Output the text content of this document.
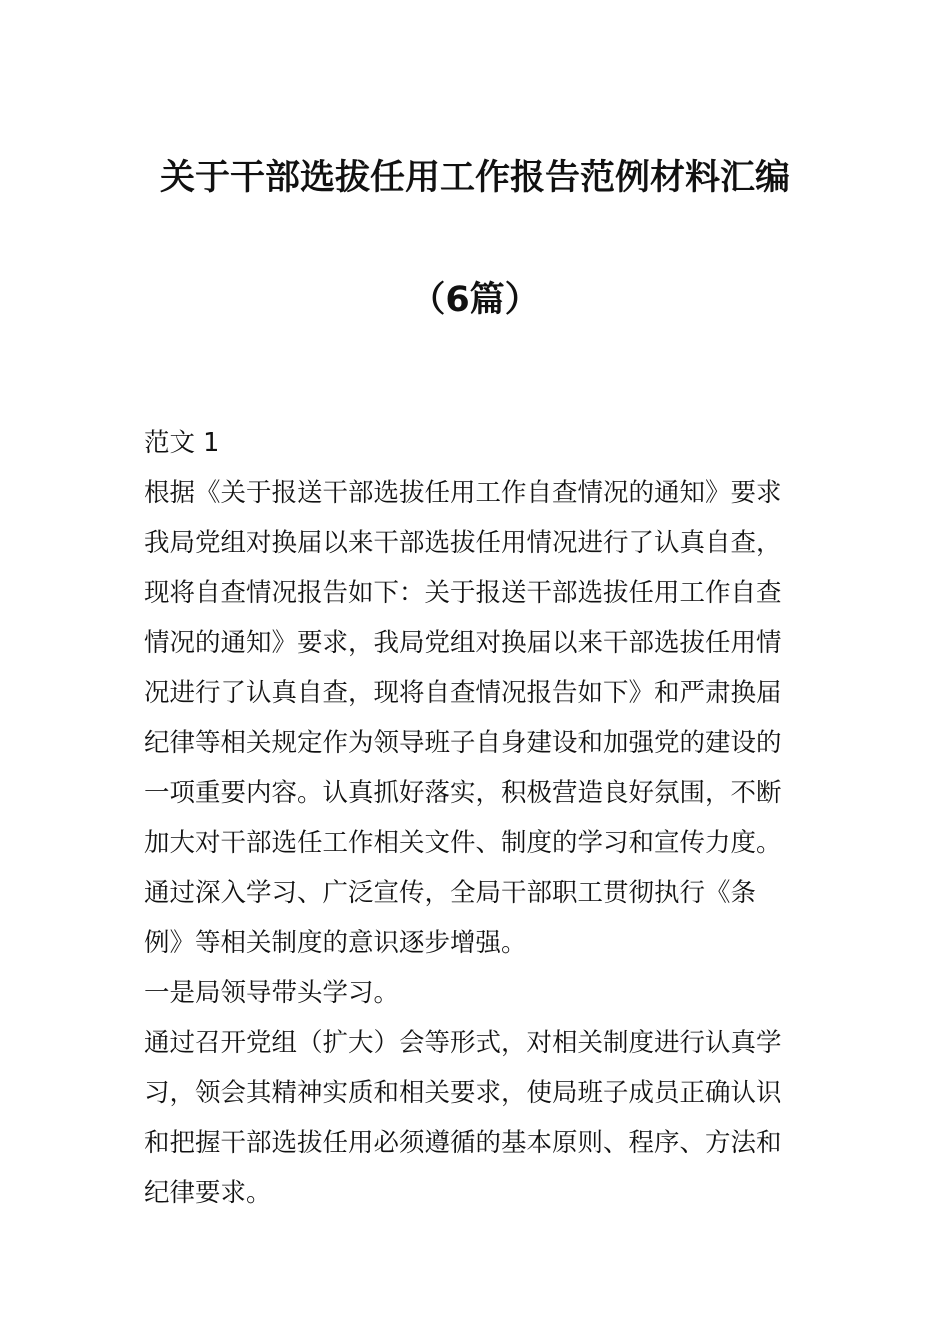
关于干部选拔任用工作报告范例材料汇编
（6篇）
范文 1
根据《关于报送干部选拔任用工作自查情况的通知》要求
我局党组对换届以来干部选拔任用情况进行了认真自查，
现将自查情况报告如下：关于报送干部选拔任用工作自查
情况的通知》要求，我局党组对换届以来干部选拔任用情
况进行了认真自查，现将自查情况报告如下》和严肃换届
纪律等相关规定作为领导班子自身建设和加强党的建设的
一项重要内容。认真抓好落实，积极营造良好氛围，不断
加大对干部选任工作相关文件、制度的学习和宣传力度。
通过深入学习、广泛宣传，全局干部职工贯彻执行《条
例》等相关制度的意识逐步增强。
一是局领导带头学习。
通过召开党组（扩大）会等形式，对相关制度进行认真学
习，领会其精神实质和相关要求，使局班子成员正确认识
和把握干部选拔任用必须遵循的基本原则、程序、方法和
纪律要求。
